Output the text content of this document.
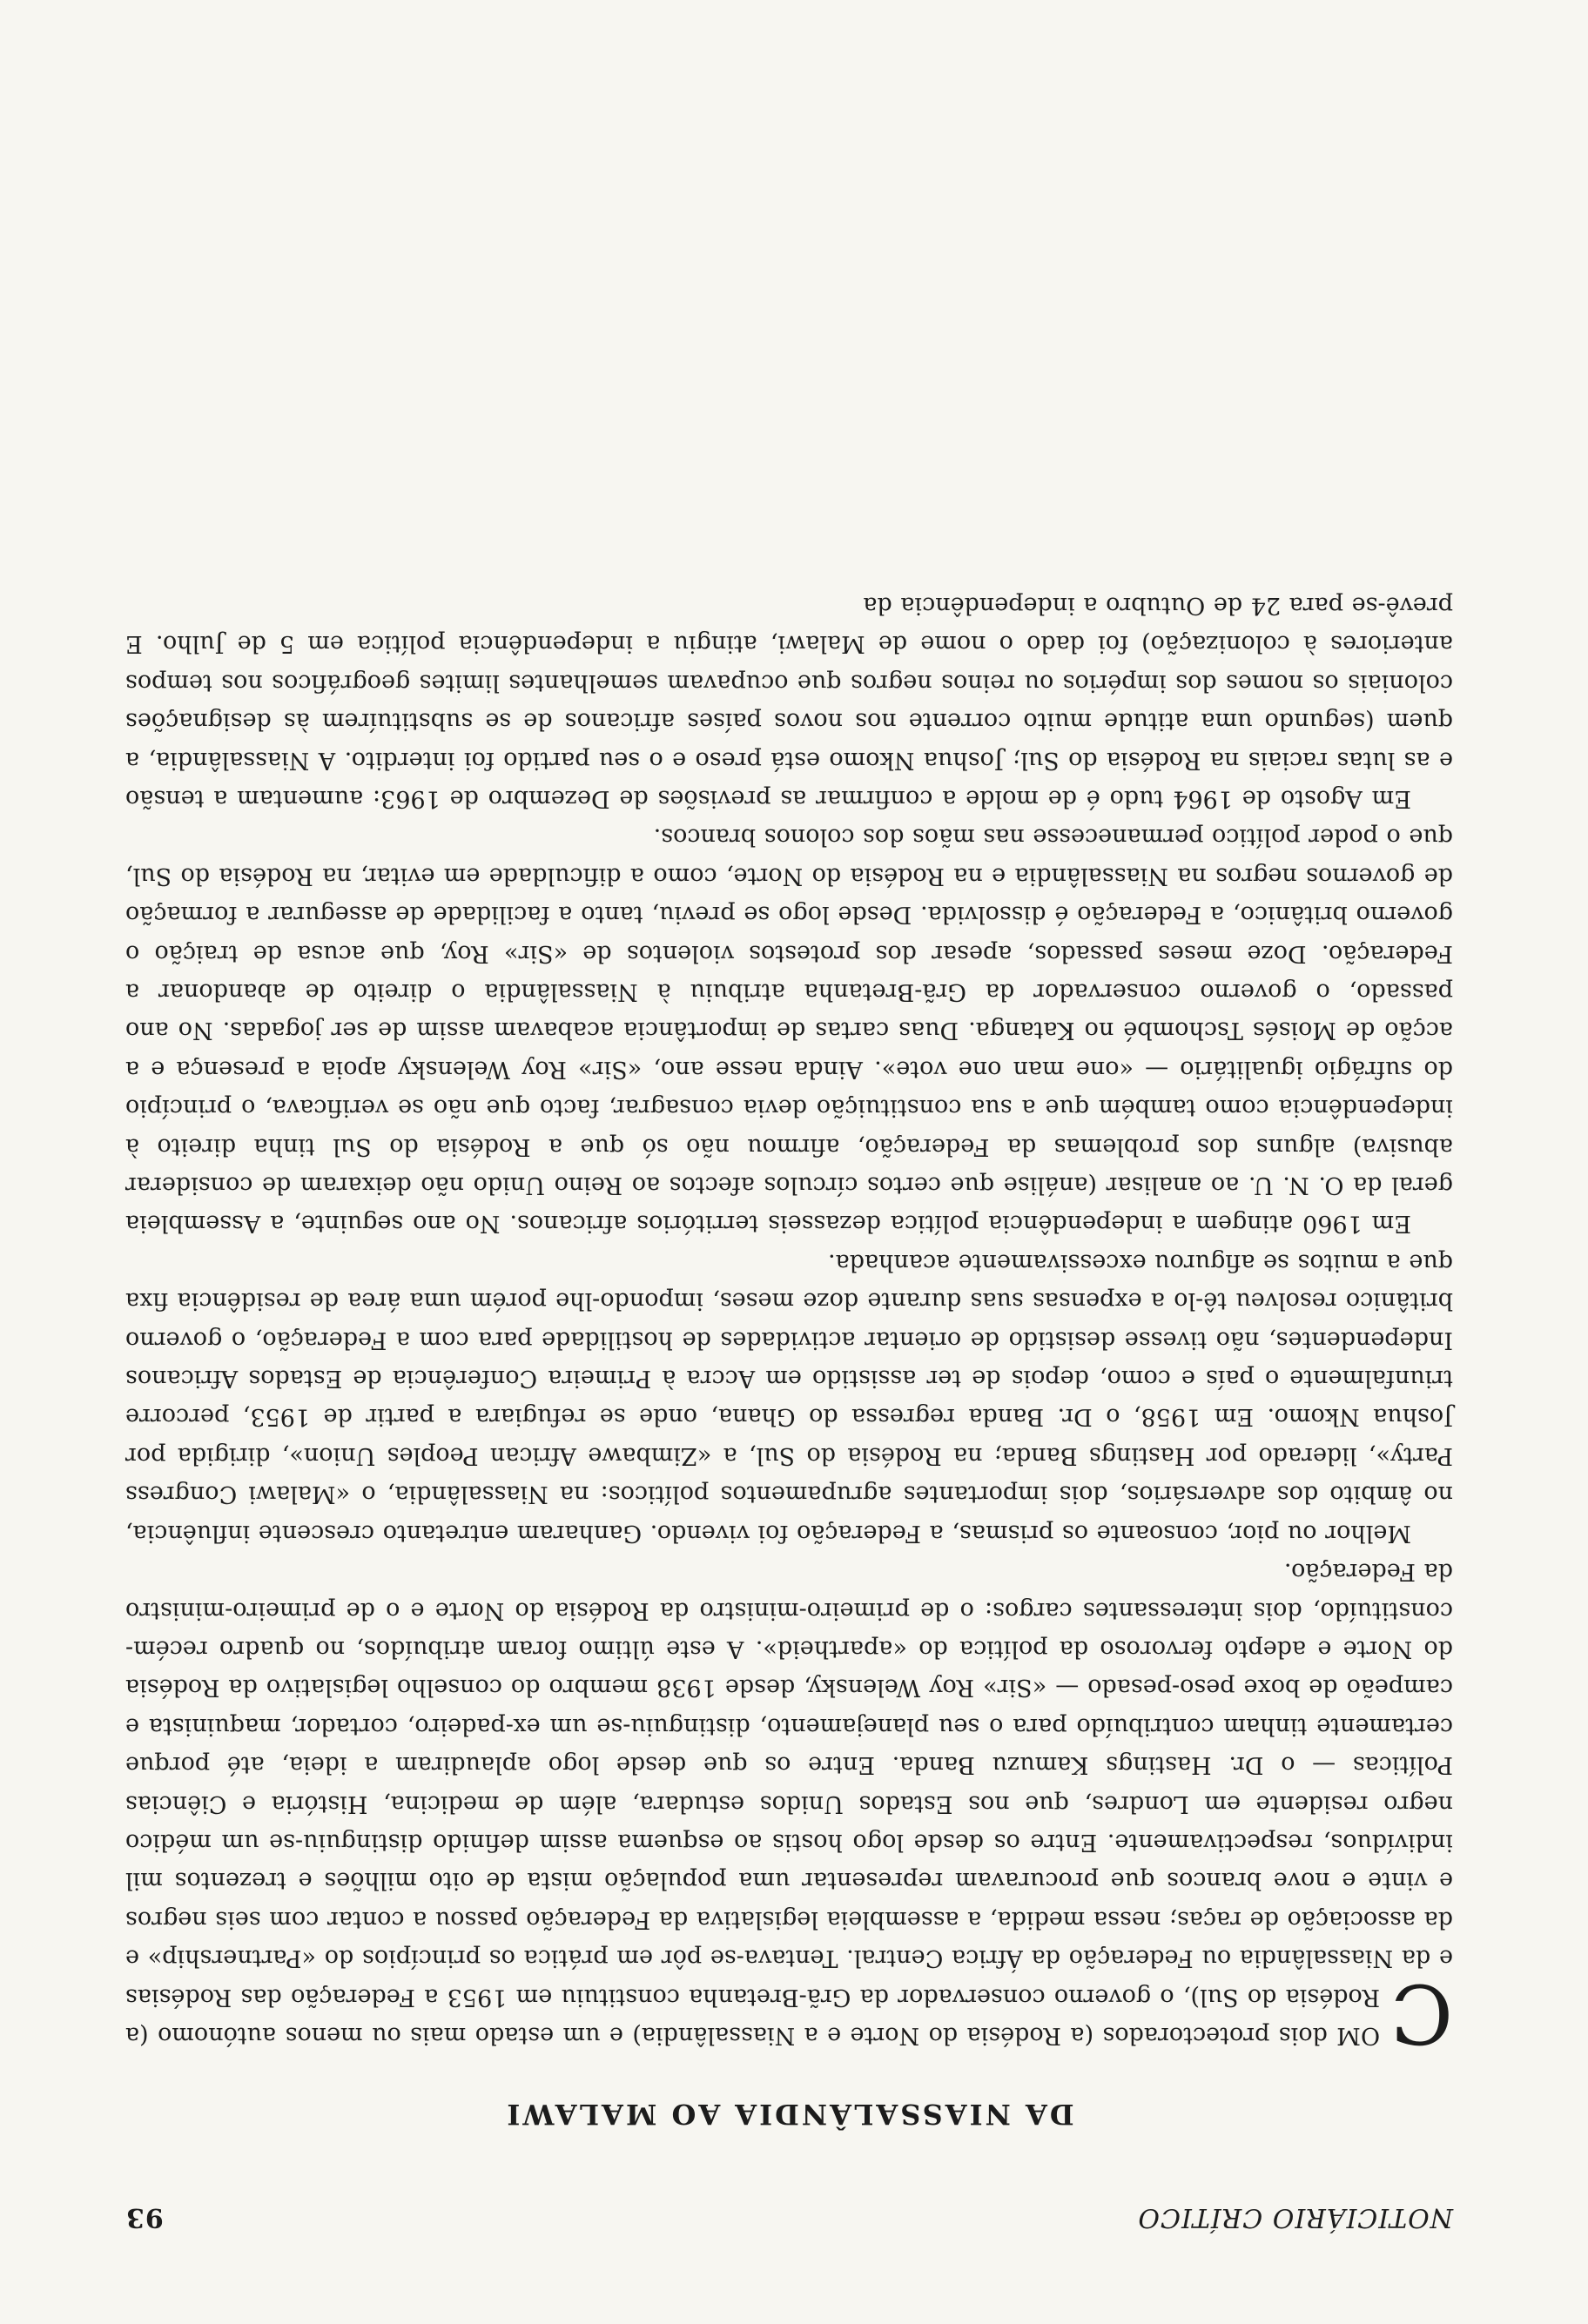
NOTICIÁRIO CRÍTICO
93
DA NIASSALÂNDIA AO MALAWI

C
OM dois protectorados (a Rodésia do Norte e a Niassalândia) e um estado mais ou menos autónomo (a Rodésia do Sul), o governo conservador da Grã-Bretanha constituiu em 1953 a Federação das Rodésias e da Niassalândia ou Federação da África Central. Tentava-se pôr em prática os princípios do «Partnership» e da associação de raças; nessa medida, a assembleia legislativa da Federação passou a contar com seis negros e vinte e nove brancos que procuravam representar uma população mista de oito milhões e trezentos mil indivíduos, respectivamente. Entre os desde logo hostis ao esquema assim definido distinguiu-se um médico negro residente em Londres, que nos Estados Unidos estudara, além de medicina, História e Ciências Políticas — o Dr. Hastings Kamuzu Banda. Entre os que desde logo aplaudiram a ideia, até porque certamente tinham contribuído para o seu planejamento, distinguiu-se um ex-padeiro, cortador, maquinista e campeão de boxe peso-pesado — «Sir» Roy Welensky, desde 1938 membro do conselho legislativo da Rodésia do Norte e adepto fervoroso da política do «apartheid». A este último foram atribuídos, no quadro recém-constituído, dois interessantes cargos: o de primeiro-ministro da Rodésia do Norte e o de primeiro-ministro da Federação.

Melhor ou pior, consoante os prismas, a Federação foi vivendo. Ganharam entretanto crescente influência, no âmbito dos adversários, dois importantes agrupamentos políticos: na Niassalândia, o «Malawi Congress Party», liderado por Hastings Banda; na Rodésia do Sul, a «Zimbawe African Peoples Union», dirigida por Joshua Nkomo. Em 1958, o Dr. Banda regressa do Ghana, onde se refugiara a partir de 1953, percorre triunfalmente o país e como, depois de ter assistido em Accra à Primeira Conferência de Estados Africanos Independentes, não tivesse desistido de orientar actividades de hostilidade para com a Federação, o governo britânico resolveu tê-lo a expensas suas durante doze meses, impondo-lhe porém uma área de residência fixa que a muitos se afigurou excessivamente acanhada.

Em 1960 atingem a independência política dezasseis territórios africanos. No ano seguinte, a Assembleia geral da O. N. U. ao analisar (análise que certos círculos afectos ao Reino Unido não deixaram de considerar abusiva) alguns dos problemas da Federação, afirmou não só que a Rodésia do Sul tinha direito à independência como também que a sua constituição devia consagrar, facto que não se verificava, o princípio do sufrágio igualitário — «one man one vote». Ainda nesse ano, «Sir» Roy Welensky apoia a presença e a acção de Moisés Tschombé no Katanga. Duas cartas de importância acabavam assim de ser jogadas. No ano passado, o governo conservador da Grã-Bretanha atribuiu à Niassalândia o direito de abandonar a Federação. Doze meses passados, apesar dos protestos violentos de «Sir» Roy, que acusa de traição o governo britânico, a Federação é dissolvida. Desde logo se previu, tanto a facilidade de assegurar a formação de governos negros na Niassalândia e na Rodésia do Norte, como a dificuldade em evitar, na Rodésia do Sul, que o poder político permanecesse nas mãos dos colonos brancos.

Em Agosto de 1964 tudo é de molde a confirmar as previsões de Dezembro de 1963: aumentam a tensão e as lutas raciais na Rodésia do Sul; Joshua Nkomo está preso e o seu partido foi interdito. A Niassalândia, a quem (segundo uma atitude muito corrente nos novos países africanos de se substituírem às designações coloniais os nomes dos impérios ou reinos negros que ocupavam semelhantes limites geográficos nos tempos anteriores à colonização) foi dado o nome de Malawi, atingiu a independência política em 5 de Julho. E prevê-se para 24 de Outubro a independência da
